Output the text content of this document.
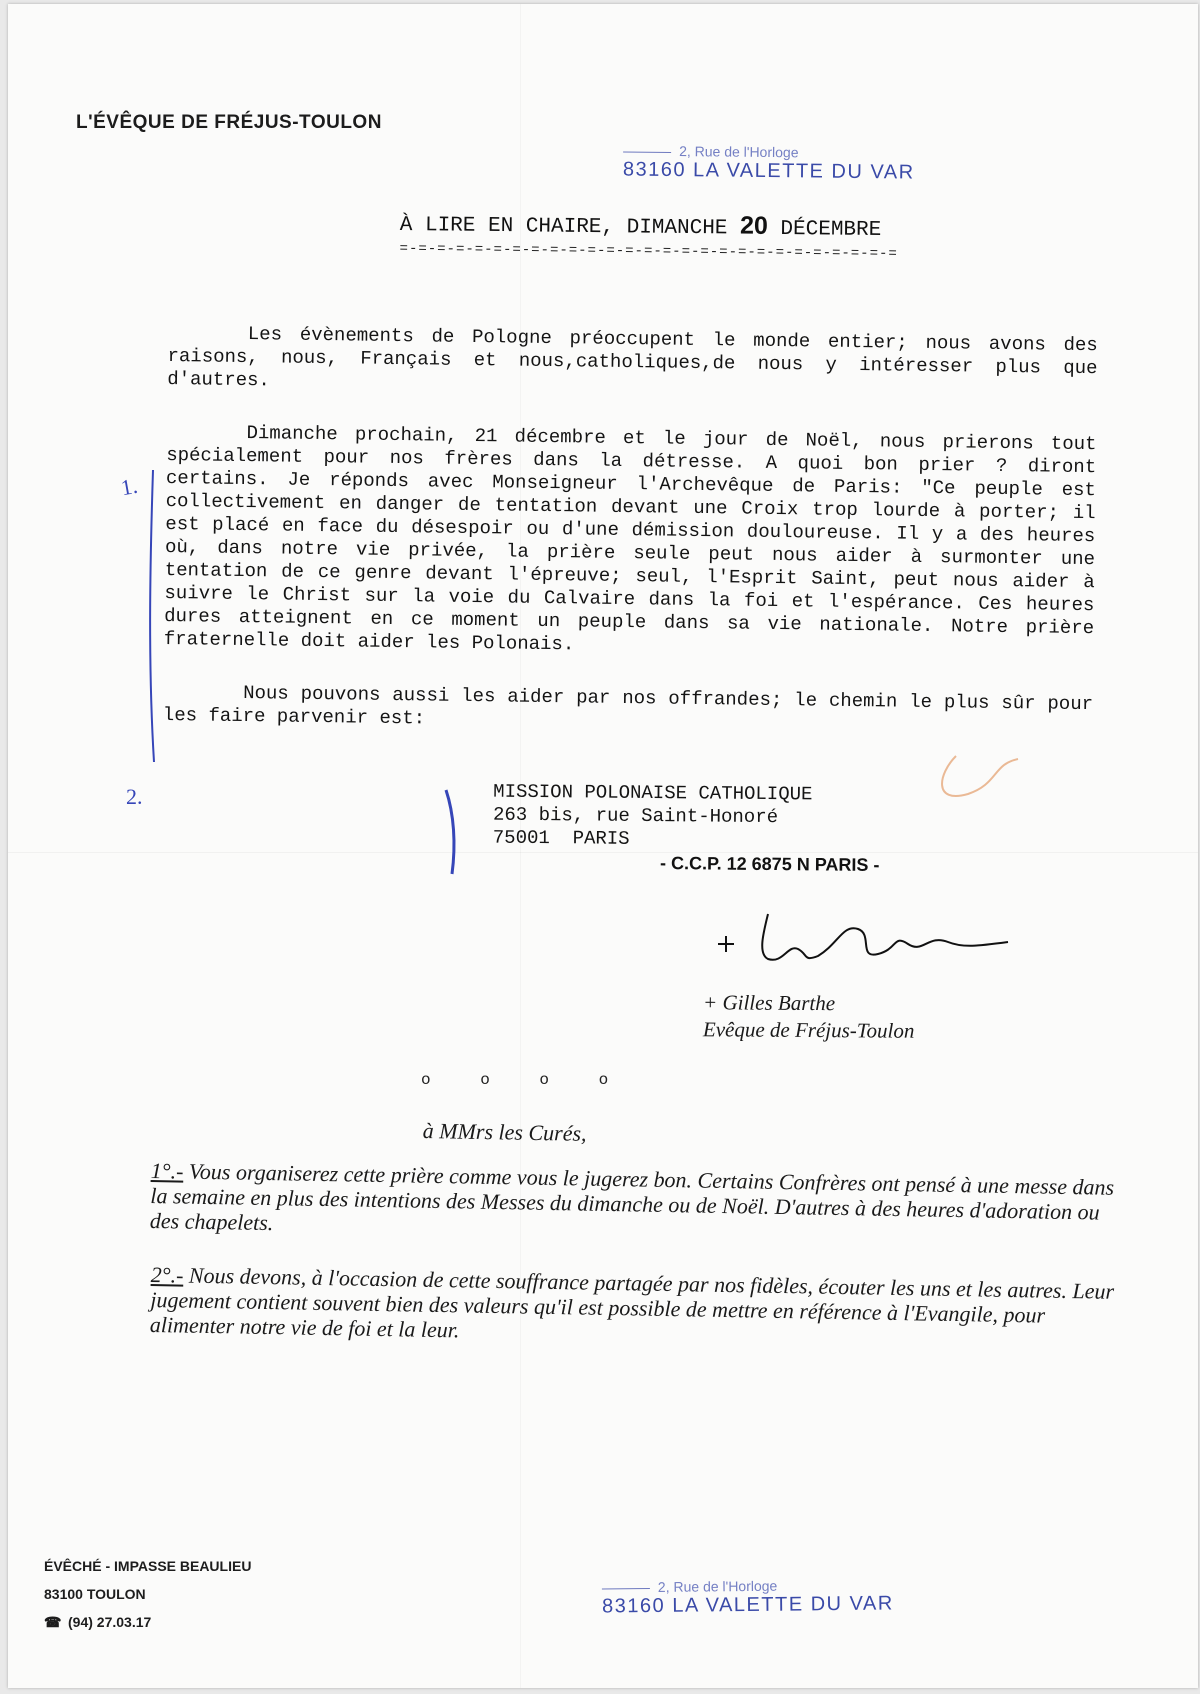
L'ÉVÊQUE DE FRÉJUS-TOULON
2, Rue de l'Horloge
83160 LA VALETTE DU VAR
À LIRE EN CHAIRE, DIMANCHE 20 DÉCEMBRE
=-=-=-=-=-=-=-=-=-=-=-=-=-=-=-=-=-=-=-=-=-=-=-=-=-=-=

Les évènements de Pologne préoccupent le monde entier; nous avons des raisons, nous, Français et nous,catholiques,de nous y intéresser plus que d'autres.

Dimanche prochain, 21 décembre et le jour de Noël, nous prierons tout spécialement pour nos frères dans la détresse. A quoi bon prier ? diront certains. Je réponds avec Monseigneur l'Archevêque de Paris: "Ce peuple est collectivement en danger de tentation devant une Croix trop lourde à porter; il est placé en face du désespoir ou d'une démission douloureuse. Il y a des heures où, dans notre vie privée, la prière seule peut nous aider à surmonter une tentation de ce genre devant l'épreuve; seul, l'Esprit Saint, peut nous aider à suivre le Christ sur la voie du Calvaire dans la foi et l'espérance. Ces heures dures atteignent en ce moment un peuple dans sa vie nationale. Notre prière fraternelle doit aider les Polonais.

Nous pouvons aussi les aider par nos offrandes; le chemin le plus sûr pour les faire parvenir est:

1.
2.	MISSION POLONAISE CATHOLIQUE
263 bis, rue Saint-Honoré
75001  PARIS
- C.C.P. 12 6875 N PARIS -
+ Gilles Barthe
Evêque de Fréjus-Toulon
o o o o
à MMrs les Curés,
1°.- Vous organiserez cette prière comme vous le jugerez bon. Certains Confrères ont pensé à une messe dans la semaine en plus des intentions des Messes du dimanche ou de Noël. D'autres à des heures d'adoration ou des chapelets.
2°.- Nous devons, à l'occasion de cette souffrance partagée par nos fidèles, écouter les uns et les autres. Leur jugement contient souvent bien des valeurs qu'il est possible de mettre en référence à l'Evangile, pour alimenter notre vie de foi et la leur.
ÉVÊCHÉ - IMPASSE BEAULIEU
83100 TOULON
☎ (94) 27.03.17
2, Rue de l'Horloge
83160 LA VALETTE DU VAR
